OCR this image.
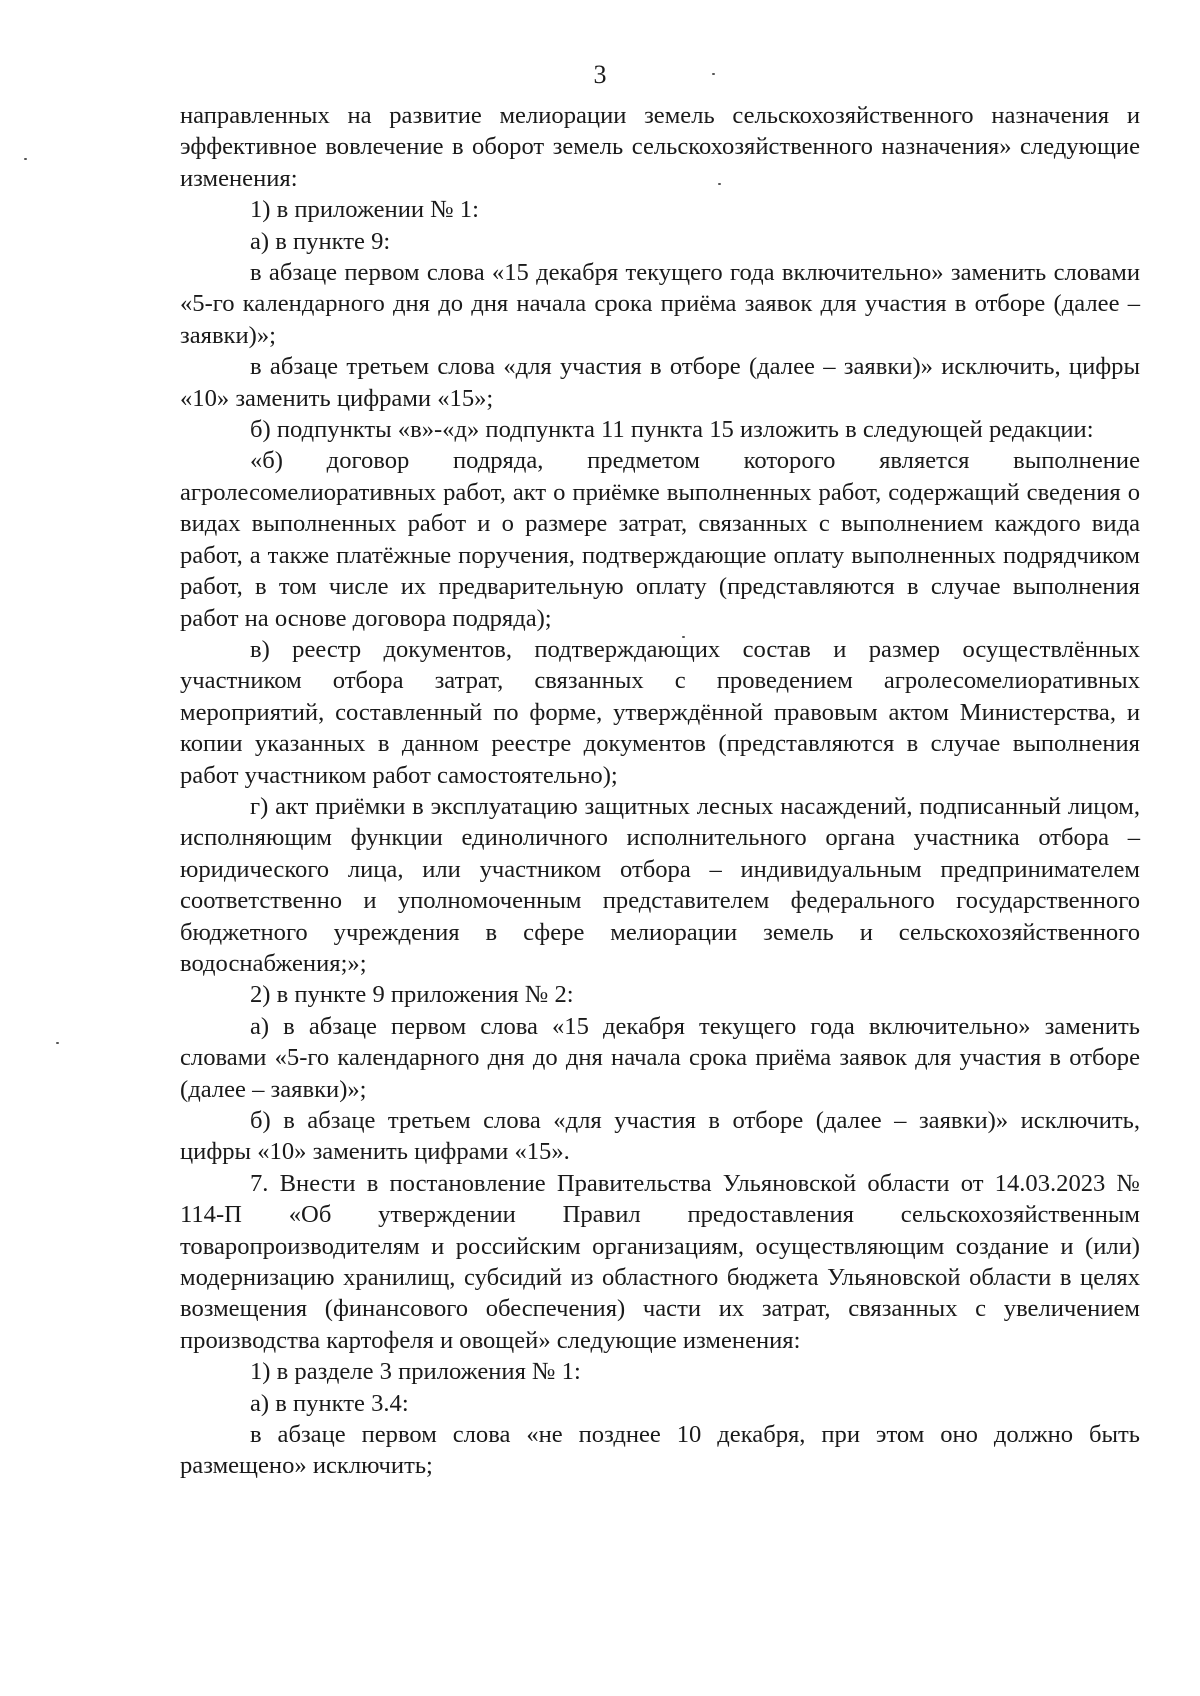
3

направленных на развитие мелиорации земель сельскохозяйственного назначения и эффективное вовлечение в оборот земель сельскохозяйственного назначения» следующие изменения:

1) в приложении № 1:

а) в пункте 9:

в абзаце первом слова «15 декабря текущего года включительно» заменить словами «5-го календарного дня до дня начала срока приёма заявок для участия в отборе (далее – заявки)»;

в абзаце третьем слова «для участия в отборе (далее – заявки)» исключить, цифры «10» заменить цифрами «15»;

б) подпункты «в»-«д» подпункта 11 пункта 15 изложить в следующей редакции:

«б) договор подряда, предметом которого является выполнение агролесомелиоративных работ, акт о приёмке выполненных работ, содержащий сведения о видах выполненных работ и о размере затрат, связанных с выполнением каждого вида работ, а также платёжные поручения, подтверждающие оплату выполненных подрядчиком работ, в том числе их предварительную оплату (представляются в случае выполнения работ на основе договора подряда);

в) реестр документов, подтверждающих состав и размер осуществлённых участником отбора затрат, связанных с проведением агролесомелиоративных мероприятий, составленный по форме, утверждённой правовым актом Министерства, и копии указанных в данном реестре документов (представляются в случае выполнения работ участником работ самостоятельно);

г) акт приёмки в эксплуатацию защитных лесных насаждений, подписанный лицом, исполняющим функции единоличного исполнительного органа участника отбора – юридического лица, или участником отбора – индивидуальным предпринимателем соответственно и уполномоченным представителем федерального государственного бюджетного учреждения в сфере мелиорации земель и сельскохозяйственного водоснабжения;»;

2) в пункте 9 приложения № 2:

а) в абзаце первом слова «15 декабря текущего года включительно» заменить словами «5-го календарного дня до дня начала срока приёма заявок для участия в отборе (далее – заявки)»;

б) в абзаце третьем слова «для участия в отборе (далее – заявки)» исключить, цифры «10» заменить цифрами «15».

7. Внести в постановление Правительства Ульяновской области от 14.03.2023 № 114-П «Об утверждении Правил предоставления сельскохозяйственным товаропроизводителям и российским организациям, осуществляющим создание и (или) модернизацию хранилищ, субсидий из областного бюджета Ульяновской области в целях возмещения (финансового обеспечения) части их затрат, связанных с увеличением производства картофеля и овощей» следующие изменения:

1) в разделе 3 приложения № 1:

а) в пункте 3.4:

в абзаце первом слова «не позднее 10 декабря, при этом оно должно быть размещено» исключить;
